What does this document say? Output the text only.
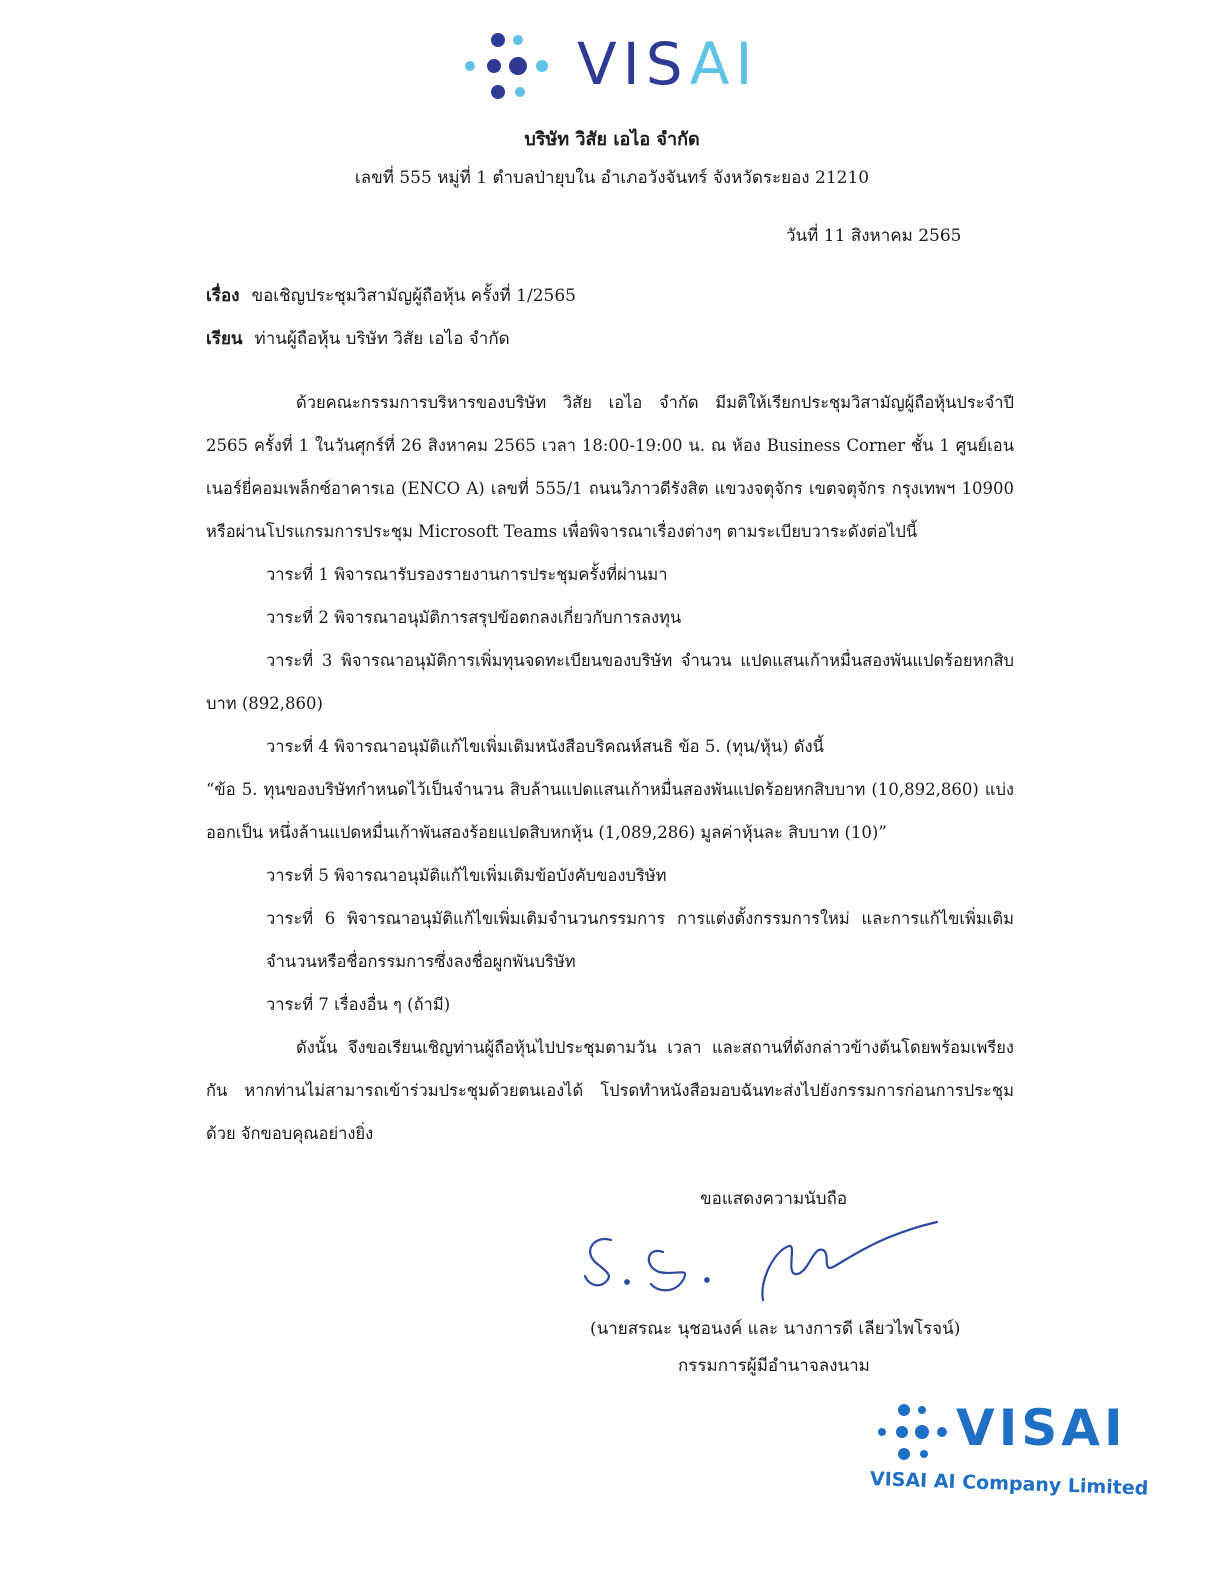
VISAI
บริษัท วิสัย เอไอ จำกัด
เลขที่ 555 หมู่ที่ 1 ตำบลป่ายุบใน อำเภอวังจันทร์ จังหวัดระยอง 21210
วันที่ 11 สิงหาคม 2565
เรื่อง ขอเชิญประชุมวิสามัญผู้ถือหุ้น ครั้งที่ 1/2565
เรียน ท่านผู้ถือหุ้น บริษัท วิสัย เอไอ จำกัด

ด้วยคณะกรรมการบริหารของบริษัท วิสัย เอไอ จำกัด มีมติให้เรียกประชุมวิสามัญผู้ถือหุ้นประจำปี 2565 ครั้งที่ 1 ในวันศุกร์ที่ 26 สิงหาคม 2565 เวลา 18:00-19:00 น. ณ ห้อง Business Corner ชั้น 1 ศูนย์เอนเนอร์ยี่คอมเพล็กซ์อาคารเอ (ENCO A) เลขที่ 555/1 ถนนวิภาวดีรังสิต แขวงจตุจักร เขตจตุจักร กรุงเทพฯ 10900 หรือผ่านโปรแกรมการประชุม Microsoft Teams เพื่อพิจารณาเรื่องต่างๆ ตามระเบียบวาระดังต่อไปนี้

วาระที่ 1 พิจารณารับรองรายงานการประชุมครั้งที่ผ่านมา

วาระที่ 2 พิจารณาอนุมัติการสรุปข้อตกลงเกี่ยวกับการลงทุน

วาระที่ 3 พิจารณาอนุมัติการเพิ่มทุนจดทะเบียนของบริษัท จำนวน แปดแสนเก้าหมื่นสองพันแปดร้อยหกสิบบาท (892,860)

วาระที่ 4 พิจารณาอนุมัติแก้ไขเพิ่มเติมหนังสือบริคณห์สนธิ ข้อ 5. (ทุน/หุ้น) ดังนี้

“ข้อ 5. ทุนของบริษัทกำหนดไว้เป็นจำนวน สิบล้านแปดแสนเก้าหมื่นสองพันแปดร้อยหกสิบบาท (10,892,860) แบ่งออกเป็น หนึ่งล้านแปดหมื่นเก้าพันสองร้อยแปดสิบหกหุ้น (1,089,286) มูลค่าหุ้นละ สิบบาท (10)”

วาระที่ 5 พิจารณาอนุมัติแก้ไขเพิ่มเติมข้อบังคับของบริษัท

วาระที่ 6 พิจารณาอนุมัติแก้ไขเพิ่มเติมจำนวนกรรมการ การแต่งตั้งกรรมการใหม่ และการแก้ไขเพิ่มเติมจำนวนหรือชื่อกรรมการซึ่งลงชื่อผูกพันบริษัท

วาระที่ 7 เรื่องอื่น ๆ (ถ้ามี)

ดังนั้น จึงขอเรียนเชิญท่านผู้ถือหุ้นไปประชุมตามวัน เวลา และสถานที่ดังกล่าวข้างต้นโดยพร้อมเพรียงกัน หากท่านไม่สามารถเข้าร่วมประชุมด้วยตนเองได้ โปรดทำหนังสือมอบฉันทะส่งไปยังกรรมการก่อนการประชุมด้วย จักขอบคุณอย่างยิ่ง

ขอแสดงความนับถือ
(นายสรณะ นุชอนงค์ และ นางการดี เลียวไพโรจน์)
กรรมการผู้มีอำนาจลงนาม
VISAI
VISAI AI Company Limited
